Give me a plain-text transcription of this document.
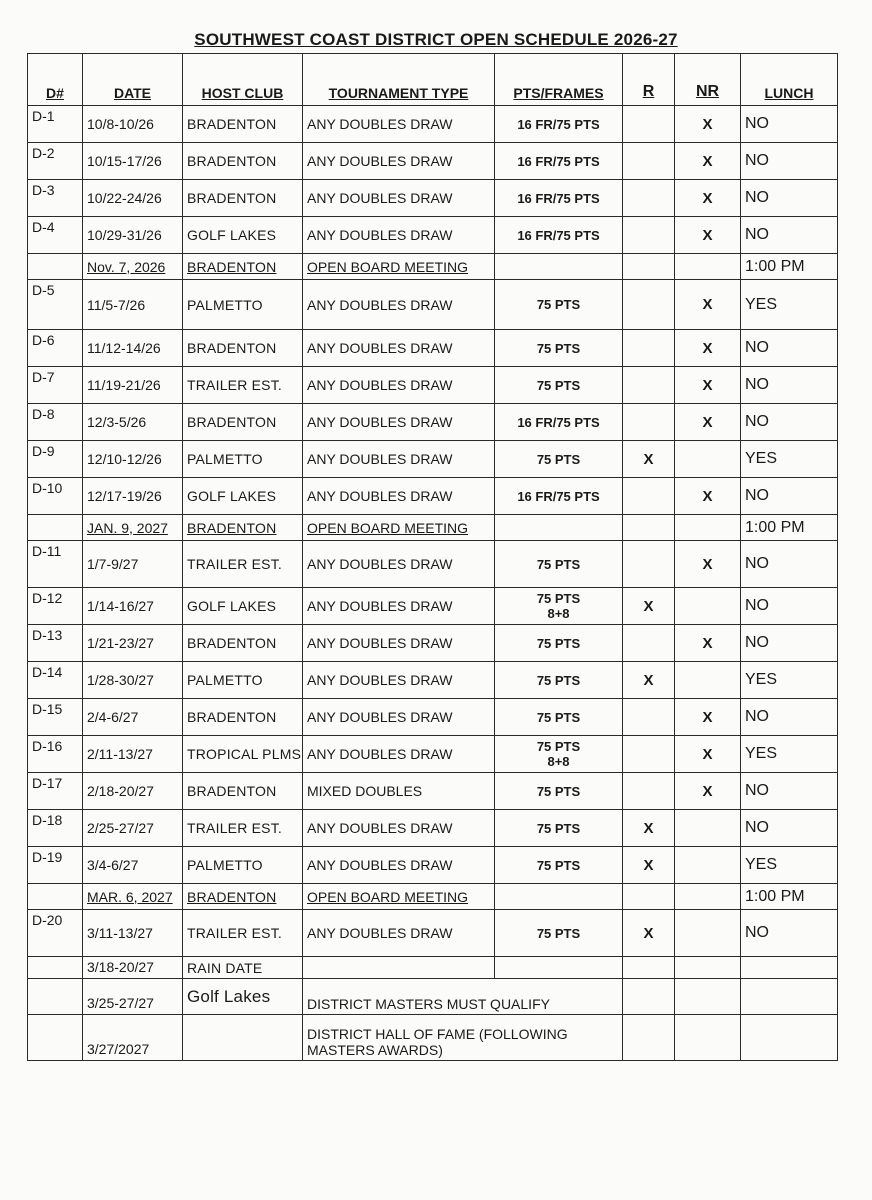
SOUTHWEST COAST DISTRICT OPEN SCHEDULE 2026-27
D#	DATE	HOST CLUB	TOURNAMENT TYPE	PTS/FRAMES	R	NR	LUNCH
D-1	10/8-10/26	BRADENTON	ANY DOUBLES DRAW	16 FR/75 PTS		X	NO
D-2	10/15-17/26	BRADENTON	ANY DOUBLES DRAW	16 FR/75 PTS		X	NO
D-3	10/22-24/26	BRADENTON	ANY DOUBLES DRAW	16 FR/75 PTS		X	NO
D-4	10/29-31/26	GOLF LAKES	ANY DOUBLES DRAW	16 FR/75 PTS		X	NO
	Nov. 7, 2026	BRADENTON	OPEN BOARD MEETING				1:00 PM
D-5	11/5-7/26	PALMETTO	ANY DOUBLES DRAW	75 PTS		X	YES
D-6	11/12-14/26	BRADENTON	ANY DOUBLES DRAW	75 PTS		X	NO
D-7	11/19-21/26	TRAILER EST.	ANY DOUBLES DRAW	75 PTS		X	NO
D-8	12/3-5/26	BRADENTON	ANY DOUBLES DRAW	16 FR/75 PTS		X	NO
D-9	12/10-12/26	PALMETTO	ANY DOUBLES DRAW	75 PTS	X		YES
D-10	12/17-19/26	GOLF LAKES	ANY DOUBLES DRAW	16 FR/75 PTS		X	NO
	JAN. 9, 2027	BRADENTON	OPEN BOARD MEETING				1:00 PM
D-11	1/7-9/27	TRAILER EST.	ANY DOUBLES DRAW	75 PTS		X	NO
D-12	1/14-16/27	GOLF LAKES	ANY DOUBLES DRAW	75 PTS
8+8	X		NO
D-13	1/21-23/27	BRADENTON	ANY DOUBLES DRAW	75 PTS		X	NO
D-14	1/28-30/27	PALMETTO	ANY DOUBLES DRAW	75 PTS	X		YES
D-15	2/4-6/27	BRADENTON	ANY DOUBLES DRAW	75 PTS		X	NO
D-16	2/11-13/27	TROPICAL PLMS	ANY DOUBLES DRAW	75 PTS
8+8		X	YES
D-17	2/18-20/27	BRADENTON	MIXED DOUBLES	75 PTS		X	NO
D-18	2/25-27/27	TRAILER EST.	ANY DOUBLES DRAW	75 PTS	X		NO
D-19	3/4-6/27	PALMETTO	ANY DOUBLES DRAW	75 PTS	X		YES
	MAR. 6, 2027	BRADENTON	OPEN BOARD MEETING				1:00 PM
D-20	3/11-13/27	TRAILER EST.	ANY DOUBLES DRAW	75 PTS	X		NO
	3/18-20/27	RAIN DATE					
	3/25-27/27	Golf Lakes	DISTRICT MASTERS MUST QUALIFY				
	3/27/2027		DISTRICT HALL OF FAME (FOLLOWING MASTERS AWARDS)				
